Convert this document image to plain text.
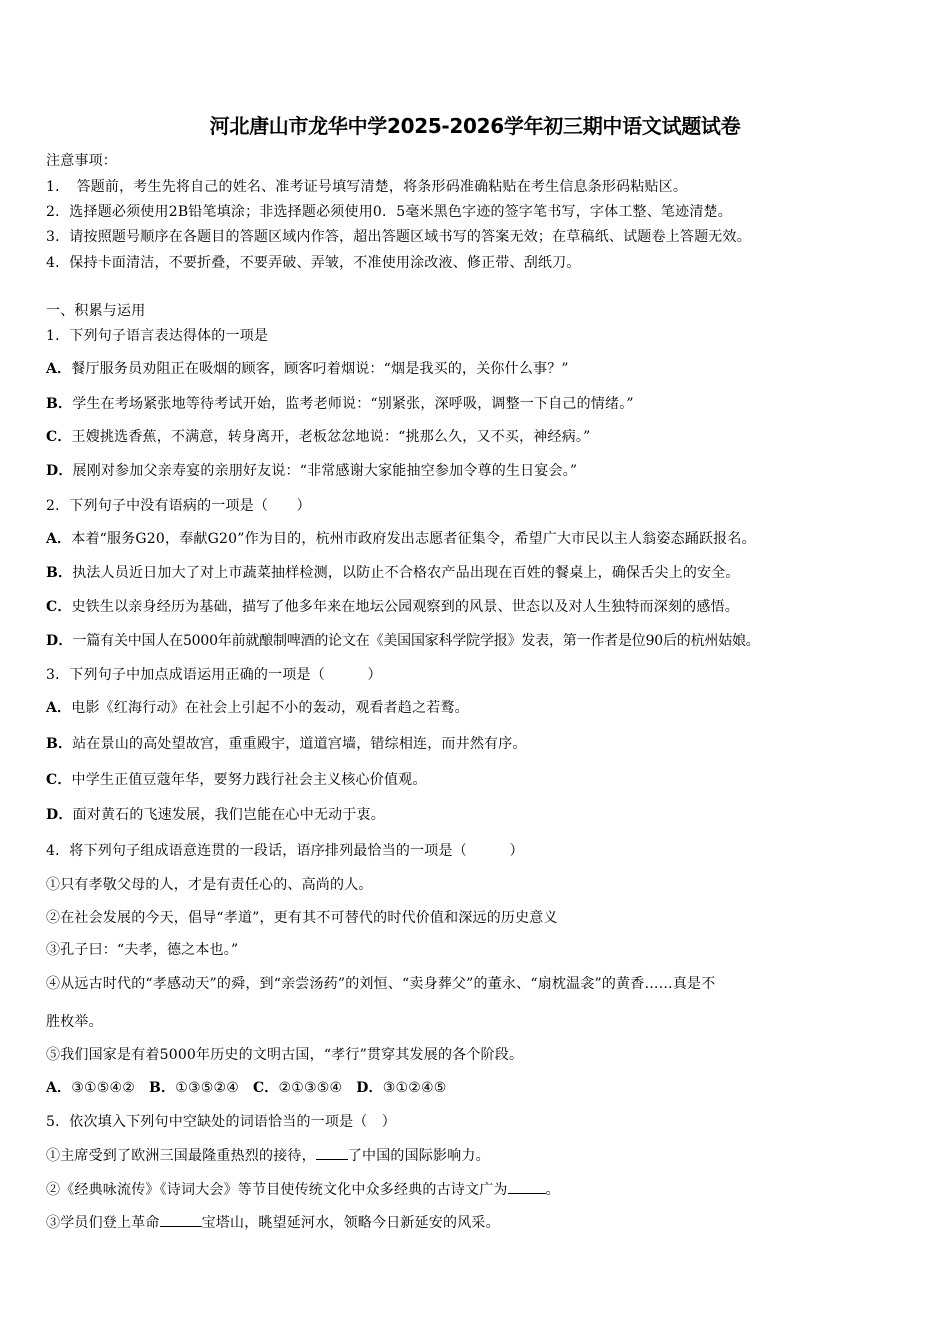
河北唐山市龙华中学2025-2026学年初三期中语文试题试卷
注意事项：
1．　答题前，考生先将自己的姓名、准考证号填写清楚，将条形码准确粘贴在考生信息条形码粘贴区。
2．选择题必须使用2B铅笔填涂；非选择题必须使用0．5毫米黑色字迹的签字笔书写，字体工整、笔迹清楚。
3．请按照题号顺序在各题目的答题区域内作答，超出答题区域书写的答案无效；在草稿纸、试题卷上答题无效。
4．保持卡面清洁，不要折叠，不要弄破、弄皱，不准使用涂改液、修正带、刮纸刀。
一、积累与运用
1．下列句子语言表达得体的一项是
A．餐厅服务员劝阻正在吸烟的顾客，顾客叼着烟说：“烟是我买的，关你什么事？”
B．学生在考场紧张地等待考试开始，监考老师说：“别紧张，深呼吸，调整一下自己的情绪。”
C．王嫂挑选香蕉，不满意，转身离开，老板忿忿地说：“挑那么久，又不买，神经病。”
D．展刚对参加父亲寿宴的亲朋好友说：“非常感谢大家能抽空参加令尊的生日宴会。”
2．下列句子中没有语病的一项是（　　）
A．本着“服务G20，奉献G20”作为目的，杭州市政府发出志愿者征集令，希望广大市民以主人翁姿态踊跃报名。
B．执法人员近日加大了对上市蔬菜抽样检测，以防止不合格农产品出现在百姓的餐桌上，确保舌尖上的安全。
C．史铁生以亲身经历为基础，描写了他多年来在地坛公园观察到的风景、世态以及对人生独特而深刻的感悟。
D．一篇有关中国人在5000年前就酿制啤酒的论文在《美国国家科学院学报》发表，第一作者是位90后的杭州姑娘。
3．下列句子中加点成语运用正确的一项是（　　　）
A．电影《红海行动》在社会上引起不小的轰动，观看者趋之若鹜。
B．站在景山的高处望故宫，重重殿宇，道道宫墙，错综相连，而井然有序。
C．中学生正值豆蔻年华，要努力践行社会主义核心价值观。
D．面对黄石的飞速发展，我们岂能在心中无动于衷。
4．将下列句子组成语意连贯的一段话，语序排列最恰当的一项是（　　　）
①只有孝敬父母的人，才是有责任心的、高尚的人。
②在社会发展的今天，倡导“孝道”，更有其不可替代的时代价值和深远的历史意义
③孔子曰：“夫孝，德之本也。”
④从远古时代的“孝感动天”的舜，到“亲尝汤药”的刘恒、“卖身葬父”的董永、“扇枕温衾”的黄香……真是不
胜枚举。
⑤我们国家是有着5000年历史的文明古国，“孝行”贯穿其发展的各个阶段。
A．③①⑤④② B．①③⑤②④ C．②①③⑤④ D．③①②④⑤
5．依次填入下列句中空缺处的词语恰当的一项是（　）
①主席受到了欧洲三国最隆重热烈的接待， 了中国的国际影响力。
②《经典咏流传》《诗词大会》等节目使传统文化中众多经典的古诗文广为	。
③学员们登上革命	宝塔山，眺望延河水，领略今日新延安的风采。
